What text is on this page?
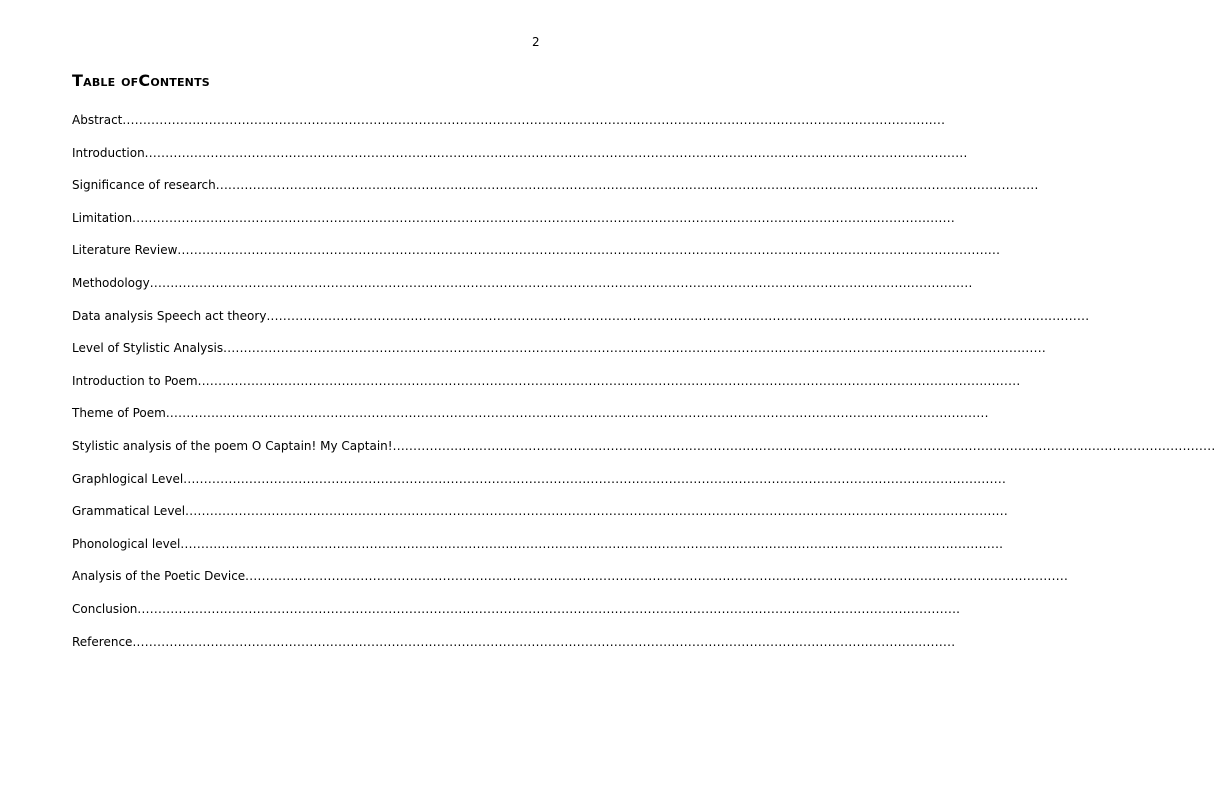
2
Table ofContents
Abstract ........................................................................................................................................................................................................
Introduction ........................................................................................................................................................................................................
Significance of research ........................................................................................................................................................................................................
Limitation ........................................................................................................................................................................................................
Literature Review ........................................................................................................................................................................................................
Methodology ........................................................................................................................................................................................................
Data analysis Speech act theory ........................................................................................................................................................................................................
Level of Stylistic Analysis ........................................................................................................................................................................................................
Introduction to Poem ........................................................................................................................................................................................................
Theme of Poem ........................................................................................................................................................................................................
Stylistic analysis of the poem O Captain! My Captain! ........................................................................................................................................................................................................
Graphlogical Level ........................................................................................................................................................................................................
Grammatical Level ........................................................................................................................................................................................................
Phonological level ........................................................................................................................................................................................................
Analysis of the Poetic Device ........................................................................................................................................................................................................
Conclusion ........................................................................................................................................................................................................
Reference ........................................................................................................................................................................................................
